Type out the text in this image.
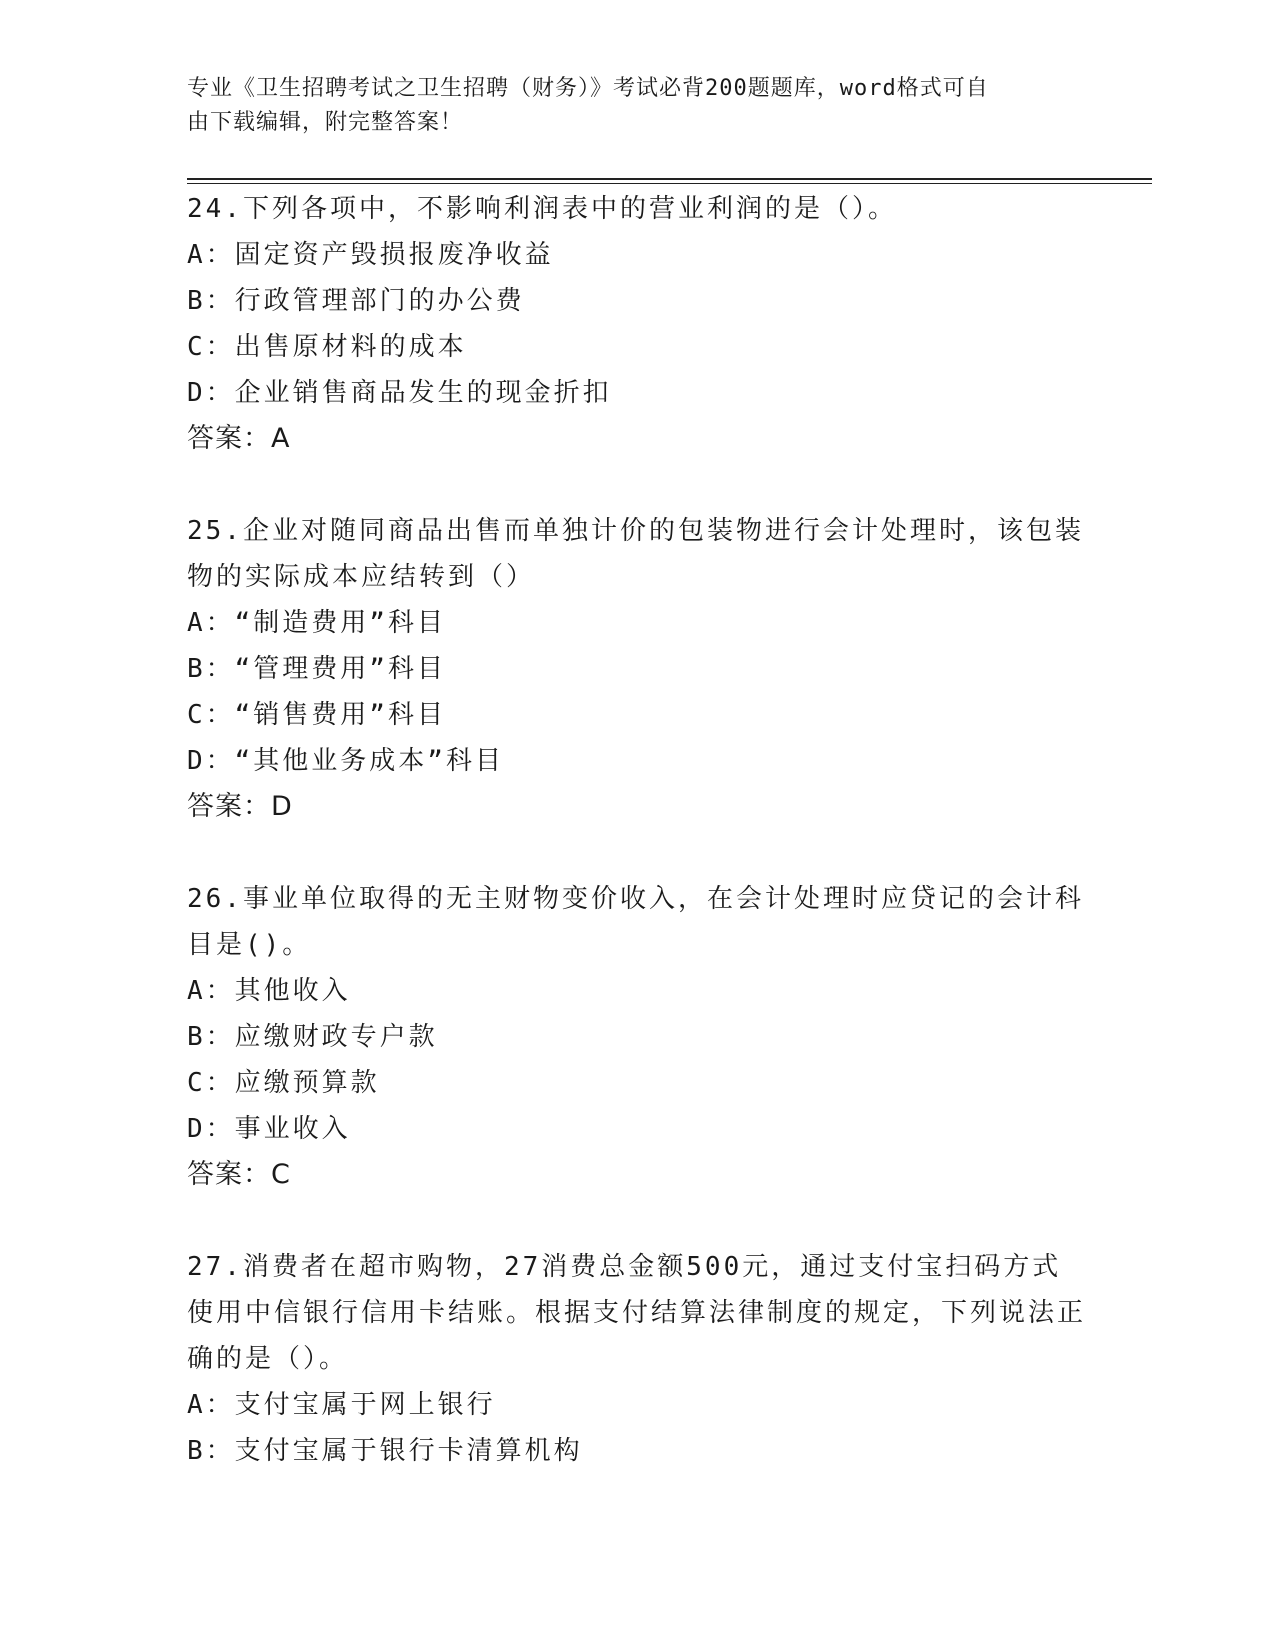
专业《卫生招聘考试之卫生招聘（财务）》考试必背200题题库，word格式可自
由下载编辑，附完整答案！
24.下列各项中，不影响利润表中的营业利润的是（）。
A：固定资产毁损报废净收益
B：行政管理部门的办公费
C：出售原材料的成本
D：企业销售商品发生的现金折扣
答案：A
25.企业对随同商品出售而单独计价的包装物进行会计处理时，该包装物的实际成本应结转到（）
A：“制造费用”科目
B：“管理费用”科目
C：“销售费用”科目
D：“其他业务成本”科目
答案：D
26.事业单位取得的无主财物变价收入，在会计处理时应贷记的会计科目是()。
A：其他收入
B：应缴财政专户款
C：应缴预算款
D：事业收入
答案：C
27.消费者在超市购物，27消费总金额500元，通过支付宝扫码方式使用中信银行信用卡结账。根据支付结算法律制度的规定，下列说法正确的是（）。
A：支付宝属于网上银行
B：支付宝属于银行卡清算机构
